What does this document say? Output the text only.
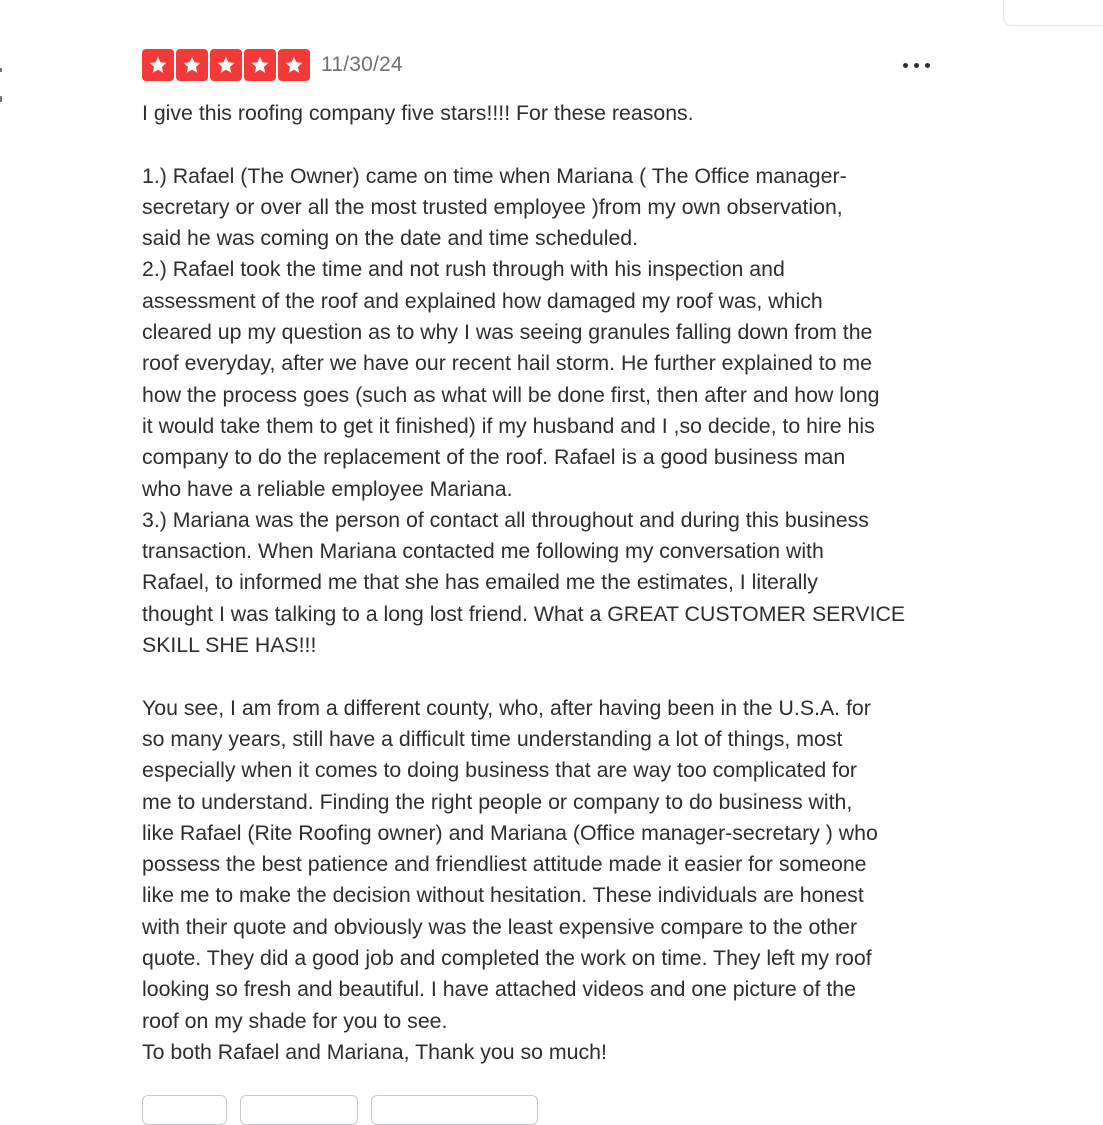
11/30/24

I give this roofing company five stars!!!! For these reasons.

1.) Rafael (The Owner) came on time when Mariana ( The Office manager-

secretary or over all the most trusted employee )from my own observation,

said he was coming on the date and time scheduled.

2.) Rafael took the time and not rush through with his inspection and

assessment of the roof and explained how damaged my roof was, which

cleared up my question as to why I was seeing granules falling down from the

roof everyday, after we have our recent hail storm. He further explained to me

how the process goes (such as what will be done first, then after and how long

it would take them to get it finished) if my husband and I ,so decide, to hire his

company to do the replacement of the roof. Rafael is a good business man

who have a reliable employee Mariana.

3.) Mariana was the person of contact all throughout and during this business

transaction. When Mariana contacted me following my conversation with

Rafael, to informed me that she has emailed me the estimates, I literally

thought I was talking to a long lost friend. What a GREAT CUSTOMER SERVICE

SKILL SHE HAS!!!

You see, I am from a different county, who, after having been in the U.S.A. for

so many years, still have a difficult time understanding a lot of things, most

especially when it comes to doing business that are way too complicated for

me to understand. Finding the right people or company to do business with,

like Rafael (Rite Roofing owner) and Mariana (Office manager-secretary ) who

possess the best patience and friendliest attitude made it easier for someone

like me to make the decision without hesitation. These individuals are honest

with their quote and obviously was the least expensive compare to the other

quote. They did a good job and completed the work on time. They left my roof

looking so fresh and beautiful. I have attached videos and one picture of the

roof on my shade for you to see.

To both Rafael and Mariana, Thank you so much!
